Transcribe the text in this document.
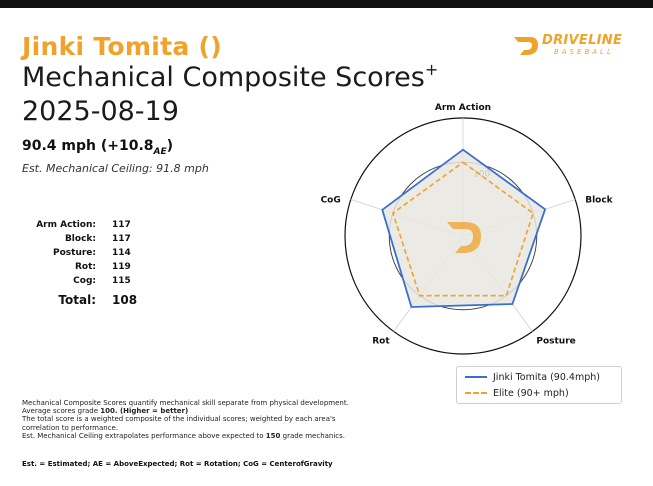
Jinki Tomita ()
Mechanical Composite Scores+
2025-08-19
DRIVELINE
BASEBALL
90.4 mph $(+10.8_{AE})$
Est. Mechanical Ceiling: 91.8 mph
Arm Action:	117
Block:	117
Posture:	114
Rot:	119
Cog:	115
Total:	108
Arm Action
Block
Posture
Rot
CoG
Jinki Tomita (90.4mph)
Elite (90+ mph)
Mechanical Composite Scores quantify mechanical skill separate from physical development.
Average scores grade 100. (Higher = better)
The total score is a weighted composite of the individual scores; weighted by each area's
correlation to performance.
Est. Mechanical Ceiling extrapolates performance above expected to 150 grade mechanics.
Est. = Estimated; AE = AboveExpected; Rot = Rotation; CoG = CenterofGravity
